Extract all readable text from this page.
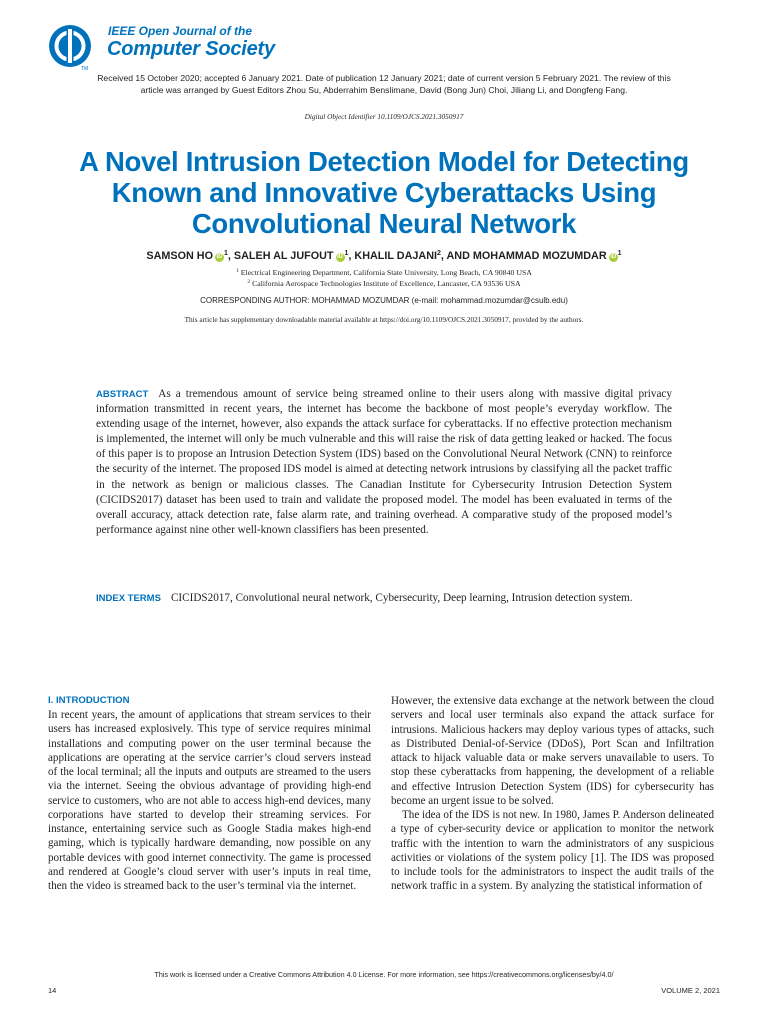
TM
IEEE Open Journal of the
Computer Society
Received 15 October 2020; accepted 6 January 2021. Date of publication 12 January 2021; date of current version 5 February 2021. The review of this article was arranged by Guest Editors Zhou Su, Abderrahim Benslimane, David (Bong Jun) Choi, Jiliang Li, and Dongfeng Fang.
Digital Object Identifier 10.1109/OJCS.2021.3050917
A Novel Intrusion Detection Model for Detecting Known and Innovative Cyberattacks Using Convolutional Neural Network
SAMSON HO iD $^1$, SALEH AL JUFOUT iD $^1$, KHALIL DAJANI$^2$, AND MOHAMMAD MOZUMDAR iD $^1$
$^1$ Electrical Engineering Department, California State University, Long Beach, CA 90840 USA
$^2$ California Aerospace Technologies Institute of Excellence, Lancaster, CA 93536 USA
CORRESPONDING AUTHOR: MOHAMMAD MOZUMDAR (e-mail: mohammad.mozumdar@csulb.edu)
This article has supplementary downloadable material available at https://doi.org/10.1109/OJCS.2021.3050917, provided by the authors.
ABSTRACT As a tremendous amount of service being streamed online to their users along with massive digital privacy information transmitted in recent years, the internet has become the backbone of most people’s everyday workflow. The extending usage of the internet, however, also expands the attack surface for cyberattacks. If no effective protection mechanism is implemented, the internet will only be much vulnerable and this will raise the risk of data getting leaked or hacked. The focus of this paper is to propose an Intrusion Detection System (IDS) based on the Convolutional Neural Network (CNN) to reinforce the security of the internet. The proposed IDS model is aimed at detecting network intrusions by classifying all the packet traffic in the network as benign or malicious classes. The Canadian Institute for Cybersecurity Intrusion Detection System (CICIDS2017) dataset has been used to train and validate the proposed model. The model has been evaluated in terms of the overall accuracy, attack detection rate, false alarm rate, and training overhead. A comparative study of the proposed model’s performance against nine other well-known classifiers has been presented.
INDEX TERMS CICIDS2017, Convolutional neural network, Cybersecurity, Deep learning, Intrusion detection system.
I. INTRODUCTION

In recent years, the amount of applications that stream services to their users has increased explosively. This type of service requires minimal installations and computing power on the user terminal because the applications are operating at the service carrier’s cloud servers instead of the local terminal; all the inputs and outputs are streamed to the users via the internet. Seeing the obvious advantage of providing high-end service to customers, who are not able to access high-end devices, many corporations have started to develop their streaming services. For instance, entertaining service such as Google Stadia makes high-end gaming, which is typically hardware demanding, now possible on any portable devices with good internet connectivity. The game is processed and rendered at Google’s cloud server with user’s inputs in real time, then the video is streamed back to the user’s terminal via the internet.

However, the extensive data exchange at the network between the cloud servers and local user terminals also expand the attack surface for intrusions. Malicious hackers may deploy various types of attacks, such as Distributed Denial-of-Service (DDoS), Port Scan and Infiltration attack to hijack valuable data or make servers unavailable to users. To stop these cyberattacks from happening, the development of a reliable and effective Intrusion Detection System (IDS) for cybersecurity has become an urgent issue to be solved.

The idea of the IDS is not new. In 1980, James P. Anderson delineated a type of cyber-security device or application to monitor the network traffic with the intention to warn the administrators of any suspicious activities or violations of the system policy [1]. The IDS was proposed to include tools for the administrators to inspect the audit trails of the network traffic in a system. By analyzing the statistical information of

This work is licensed under a Creative Commons Attribution 4.0 License. For more information, see https://creativecommons.org/licenses/by/4.0/
14	VOLUME 2, 2021
